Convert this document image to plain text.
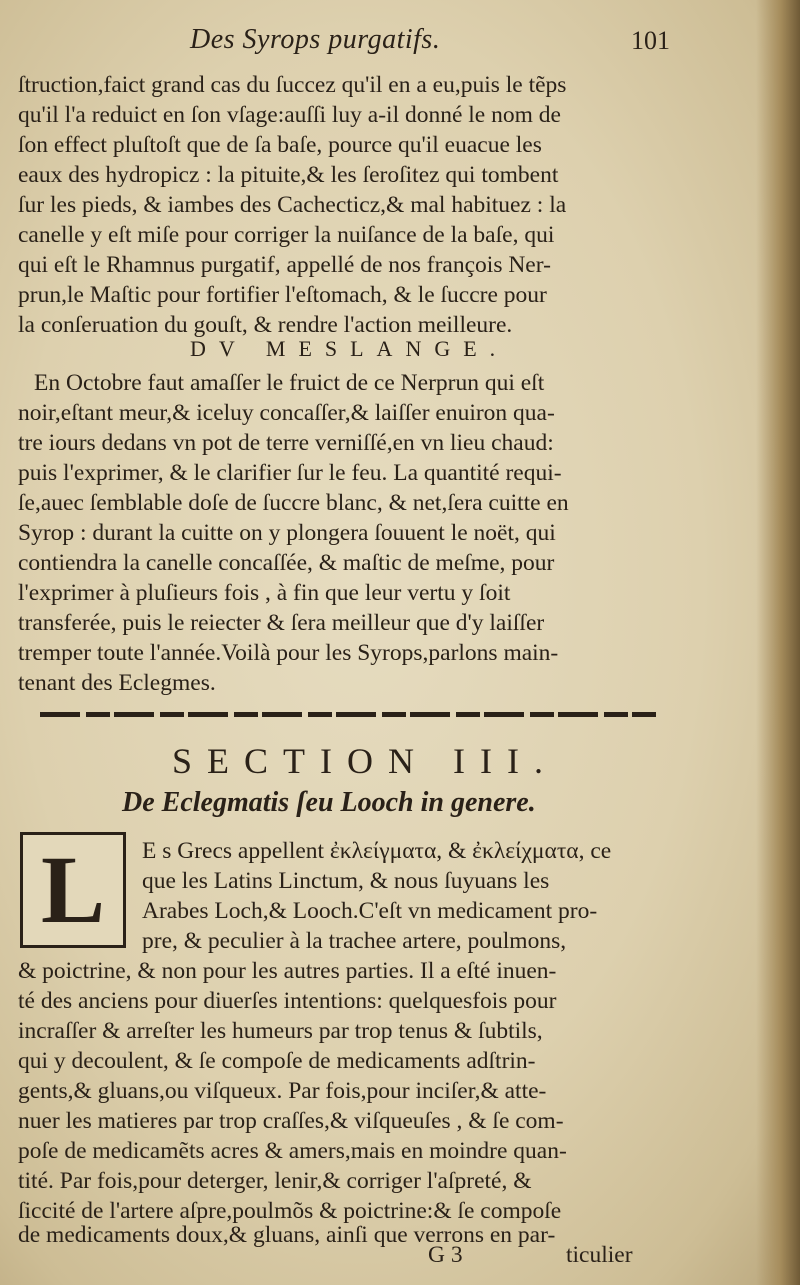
Des Syrops purgatifs.	101
ſtruction,faict grand cas du ſuccez qu'il en a eu,puis le tẽps
qu'il l'a reduict en ſon vſage:auſſi luy a-il donné le nom de
ſon effect pluſtoſt que de ſa baſe, pource qu'il euacue les
eaux des hydropicz : la pituite,& les ſeroſitez qui tombent
ſur les pieds, & iambes des Cachecticz,& mal habituez : la
canelle y eſt miſe pour corriger la nuiſance de la baſe, qui
qui eſt le Rhamnus purgatif, appellé de nos françois Ner-
prun,le Maſtic pour fortifier l'eſtomach, & le ſuccre pour
la conſeruation du gouſt, & rendre l'action meilleure.
DV MESLANGE.
En Octobre faut amaſſer le fruict de ce Nerprun qui eſt
noir,eſtant meur,& iceluy concaſſer,& laiſſer enuiron qua-
tre iours dedans vn pot de terre verniſſé,en vn lieu chaud:
puis l'exprimer, & le clarifier ſur le feu. La quantité requi-
ſe,auec ſemblable doſe de ſuccre blanc, & net,ſera cuitte en
Syrop : durant la cuitte on y plongera ſouuent le noët, qui
contiendra la canelle concaſſée, & maſtic de meſme, pour
l'exprimer à pluſieurs fois , à fin que leur vertu y ſoit
transferée, puis le reiecter & ſera meilleur que d'y laiſſer
tremper toute l'année.Voilà pour les Syrops,parlons main-
tenant des Eclegmes.
SECTION III.
De Eclegmatis ſeu Looch in genere.
L	E s Grecs appellent ἐκλείγματα, & ἐκλείχματα, ce
que les Latins Linctum, & nous ſuyuans les
Arabes Loch,& Looch.C'eſt vn medicament pro-
pre, & peculier à la trachee artere, poulmons,
& poictrine, & non pour les autres parties. Il a eſté inuen-
té des anciens pour diuerſes intentions: quelquesfois pour
incraſſer & arreſter les humeurs par trop tenus & ſubtils,
qui y decoulent, & ſe compoſe de medicaments adſtrin-
gents,& gluans,ou viſqueux. Par fois,pour inciſer,& atte-
nuer les matieres par trop craſſes,& viſqueuſes , & ſe com-
poſe de medicamẽts acres & amers,mais en moindre quan-
tité. Par fois,pour deterger, lenir,& corriger l'aſpreté, &
ſiccité de l'artere aſpre,poulmõs & poictrine:& ſe compoſe
de medicaments doux,& gluans, ainſi que verrons en par-
G 3	ticulier
